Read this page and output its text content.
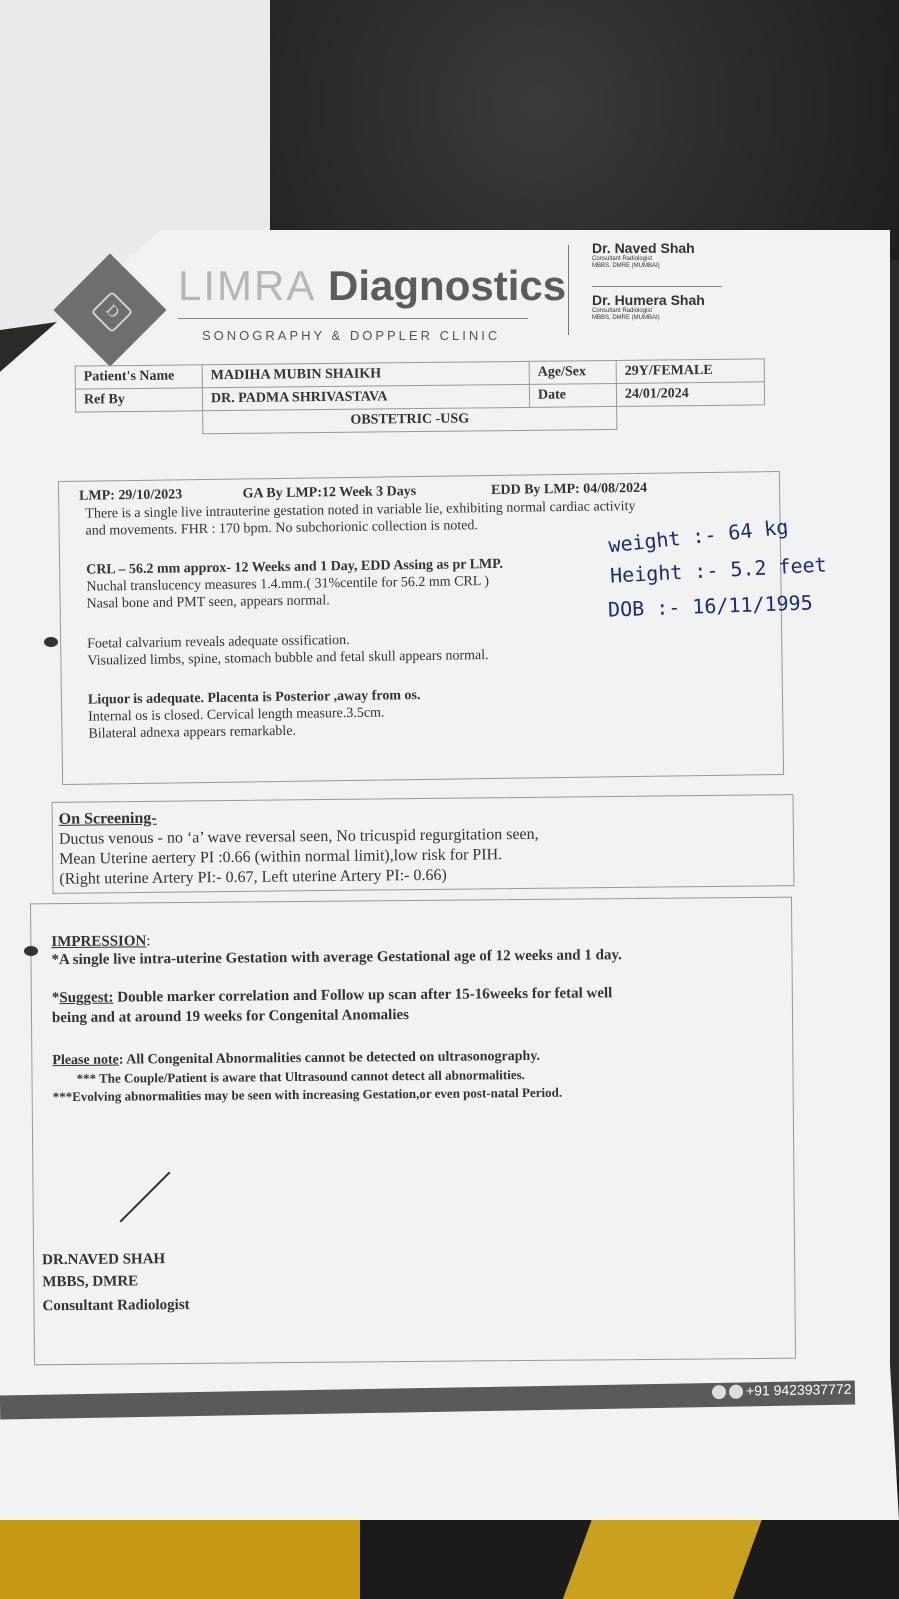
D
LIMRA Diagnostics
SONOGRAPHY & DOPPLER CLINIC
Dr. Naved Shah
Consultant Radiologist
MBBS, DMRE (MUMBAI)
Dr. Humera Shah
Consultant Radiologist
MBBS, DMRE (MUMBAI)
Patient's Name	MADIHA MUBIN SHAIKH	Age/Sex	29Y/FEMALE
Ref By	DR. PADMA SHRIVASTAVA	Date	24/01/2024
	OBSTETRIC -USG		
LMP: 29/10/2023	GA By LMP:12 Week 3 Days	EDD By LMP: 04/08/2024
There is a single live intrauterine gestation noted in variable lie, exhibiting normal cardiac activity
and movements. FHR : 170 bpm. No subchorionic collection is noted.
CRL – 56.2 mm approx- 12 Weeks and 1 Day, EDD Assing as pr LMP.
Nuchal translucency measures 1.4.mm.( 31%centile for 56.2 mm CRL )
Nasal bone and PMT seen, appears normal.
Foetal calvarium reveals adequate ossification.
Visualized limbs, spine, stomach bubble and fetal skull appears normal.
Liquor is adequate. Placenta is Posterior ,away from os.
Internal os is closed. Cervical length measure.3.5cm.
Bilateral adnexa appears remarkable.
weight :- 64 kg
Height :- 5.2 feet
DOB :- 16/11/1995
On Screening-
Ductus venous - no ‘a’ wave reversal seen, No tricuspid regurgitation seen,
Mean Uterine aertery PI :0.66 (within normal limit),low risk for PIH.
(Right uterine Artery PI:- 0.67, Left uterine Artery PI:- 0.66)
IMPRESSION:
*A single live intra-uterine Gestation with average Gestational age of 12 weeks and 1 day.
*Suggest: Double marker correlation and Follow up scan after 15-16weeks for fetal well
being and at around 19 weeks for Congenital Anomalies
Please note: All Congenital Abnormalities cannot be detected on ultrasonography.
*** The Couple/Patient is aware that Ultrasound cannot detect all abnormalities.
***Evolving abnormalities may be seen with increasing Gestation,or even post-natal Period.
DR.NAVED SHAH
MBBS, DMRE
Consultant Radiologist
+91 9423937772
